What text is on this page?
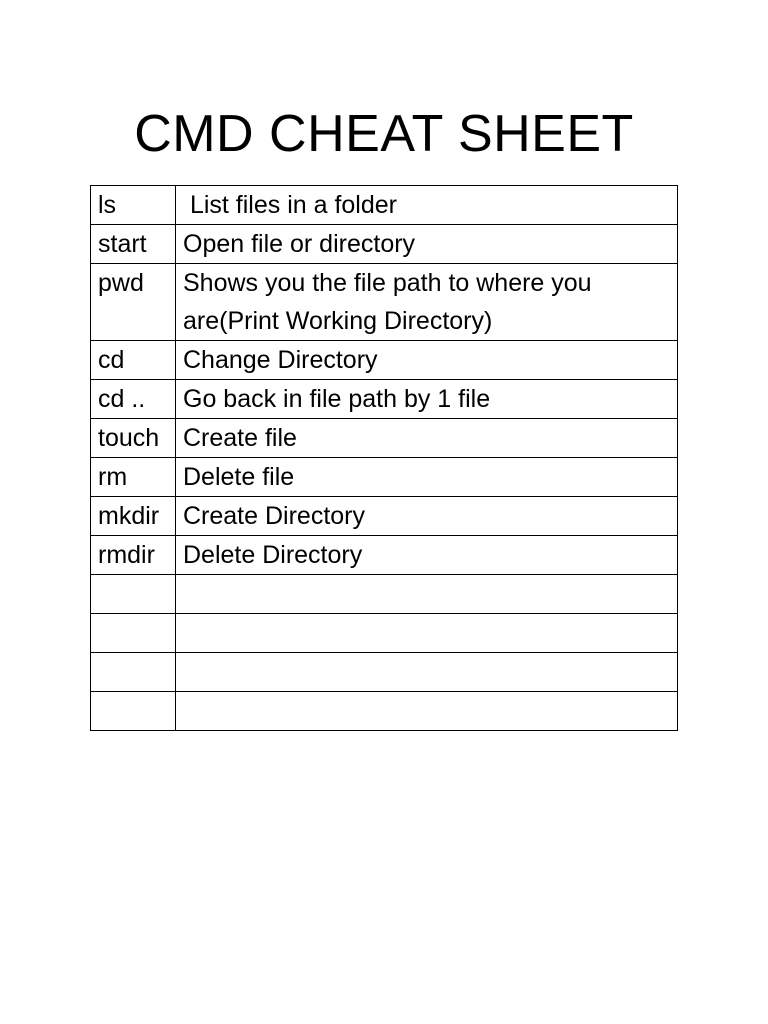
CMD CHEAT SHEET
ls	List files in a folder
start	Open file or directory
pwd	Shows you the file path to where you are(Print Working Directory)
cd	Change Directory
cd ..	Go back in file path by 1 file
touch	Create file
rm	Delete file
mkdir	Create Directory
rmdir	Delete Directory
